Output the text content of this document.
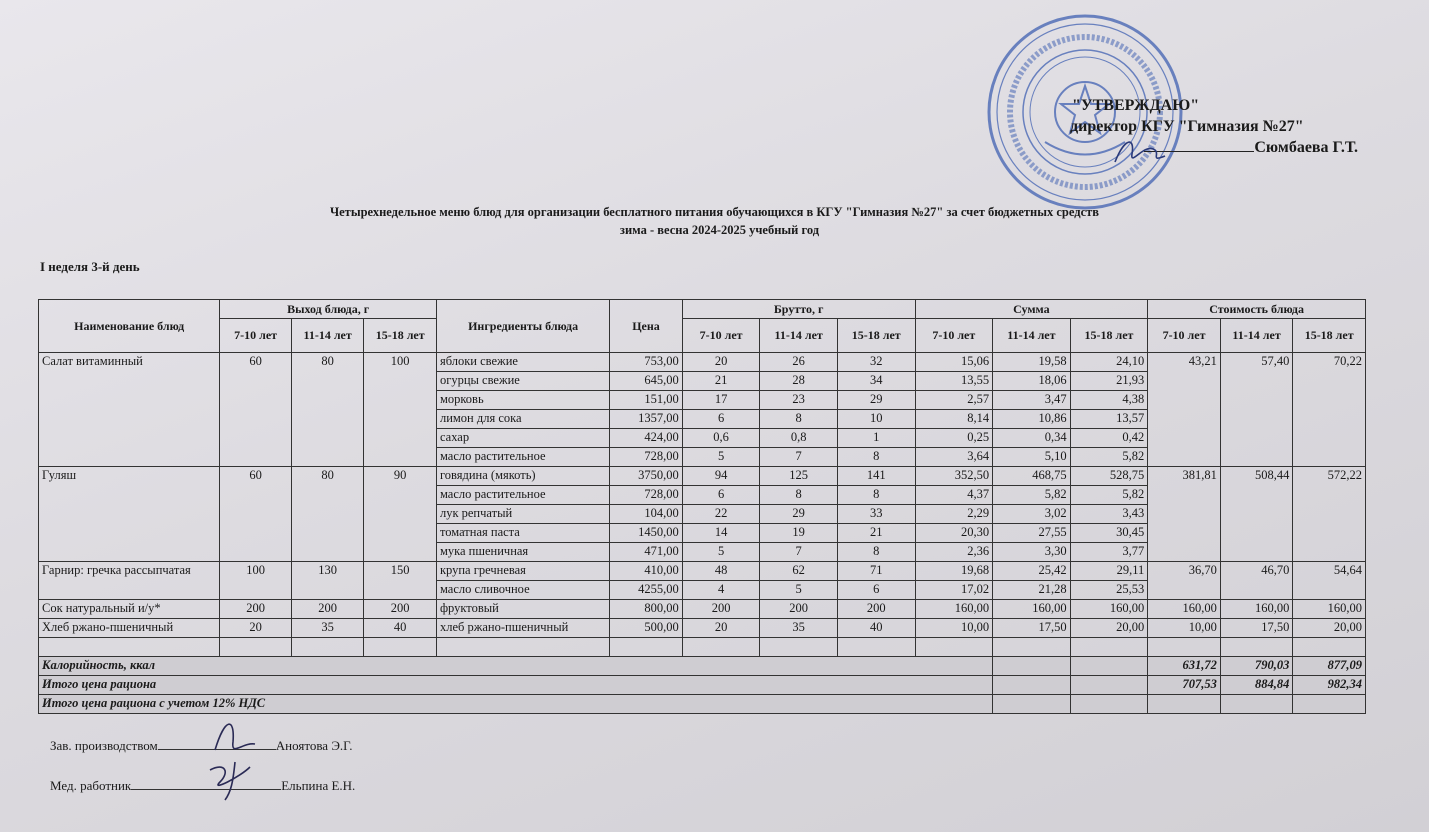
"УТВЕРЖДАЮ"
директор КГУ "Гимназия №27"
Сюмбаева Г.Т.
Четырехнедельное меню блюд для организации бесплатного питания обучающихся в КГУ "Гимназия №27" за счет бюджетных средств
зима - весна 2024-2025 учебный год
I неделя 3-й день
Наименование блюд	Выход блюда, г			Ингредиенты блюда	Цена	Брутто, г			Сумма			Стоимость блюда		
	7-10 лет	11-14 лет	15-18 лет			7-10 лет	11-14 лет	15-18 лет	7-10 лет	11-14 лет	15-18 лет	7-10 лет	11-14 лет	15-18 лет
Салат витаминный	60	80	100	яблоки свежие	753,00	20	26	32	15,06	19,58	24,10	43,21	57,40	70,22
				огурцы свежие	645,00	21	28	34	13,55	18,06	21,93			
				морковь	151,00	17	23	29	2,57	3,47	4,38			
				лимон для сока	1357,00	6	8	10	8,14	10,86	13,57			
				сахар	424,00	0,6	0,8	1	0,25	0,34	0,42			
				масло растительное	728,00	5	7	8	3,64	5,10	5,82			
Гуляш	60	80	90	говядина (мякоть)	3750,00	94	125	141	352,50	468,75	528,75	381,81	508,44	572,22
				масло растительное	728,00	6	8	8	4,37	5,82	5,82			
				лук репчатый	104,00	22	29	33	2,29	3,02	3,43			
				томатная паста	1450,00	14	19	21	20,30	27,55	30,45			
				мука пшеничная	471,00	5	7	8	2,36	3,30	3,77			
Гарнир: гречка рассыпчатая	100	130	150	крупа гречневая	410,00	48	62	71	19,68	25,42	29,11	36,70	46,70	54,64
				масло сливочное	4255,00	4	5	6	17,02	21,28	25,53			
Сок натуральный и/у*	200	200	200	фруктовый	800,00	200	200	200	160,00	160,00	160,00	160,00	160,00	160,00
Хлеб ржано-пшеничный	20	35	40	хлеб ржано-пшеничный	500,00	20	35	40	10,00	17,50	20,00	10,00	17,50	20,00

Калорийность, ккал												631,72	790,03	877,09
Итого цена рациона												707,53	884,84	982,34
Итого цена рациона с учетом 12% НДС														
Зав. производством	Аноятова Э.Г.
Мед. работник	Ельпина Е.Н.
